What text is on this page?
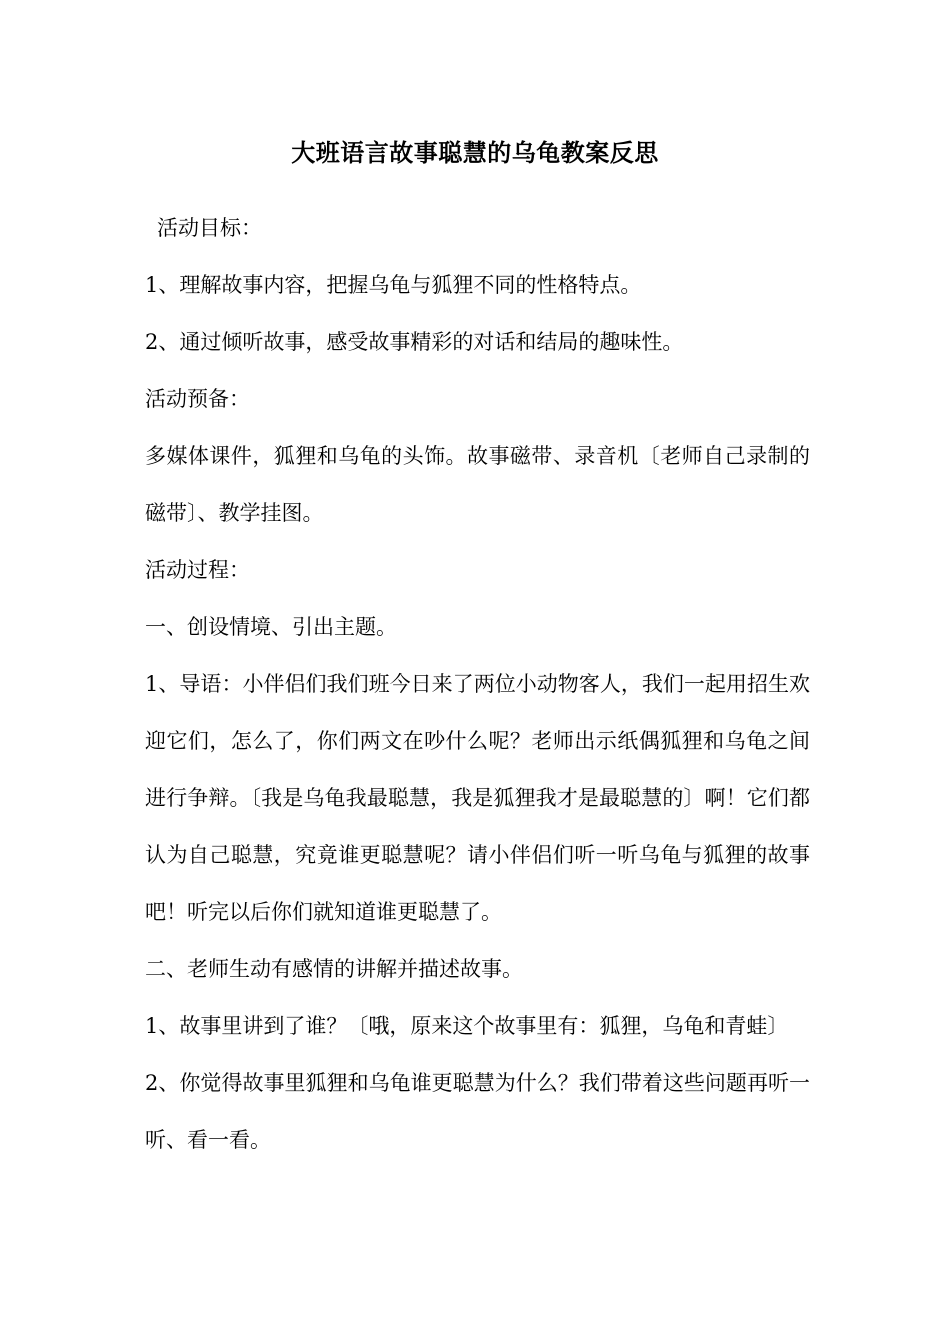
大班语言故事聪慧的乌龟教案反思

活动目标：

1、理解故事内容，把握乌龟与狐狸不同的性格特点。

2、通过倾听故事，感受故事精彩的对话和结局的趣味性。

活动预备：

多媒体课件，狐狸和乌龟的头饰。故事磁带、录音机〔老师自己录制的磁带〕、教学挂图。

活动过程：

一、创设情境、引出主题。

1、导语：小伴侣们我们班今日来了两位小动物客人，我们一起用招生欢迎它们，怎么了，你们两文在吵什么呢？老师出示纸偶狐狸和乌龟之间进行争辩。〔我是乌龟我最聪慧，我是狐狸我才是最聪慧的〕啊！它们都认为自己聪慧，究竟谁更聪慧呢？请小伴侣们听一听乌龟与狐狸的故事吧！听完以后你们就知道谁更聪慧了。

二、老师生动有感情的讲解并描述故事。

1、故事里讲到了谁？〔哦，原来这个故事里有：狐狸，乌龟和青蛙〕

2、你觉得故事里狐狸和乌龟谁更聪慧为什么？我们带着这些问题再听一听、看一看。
